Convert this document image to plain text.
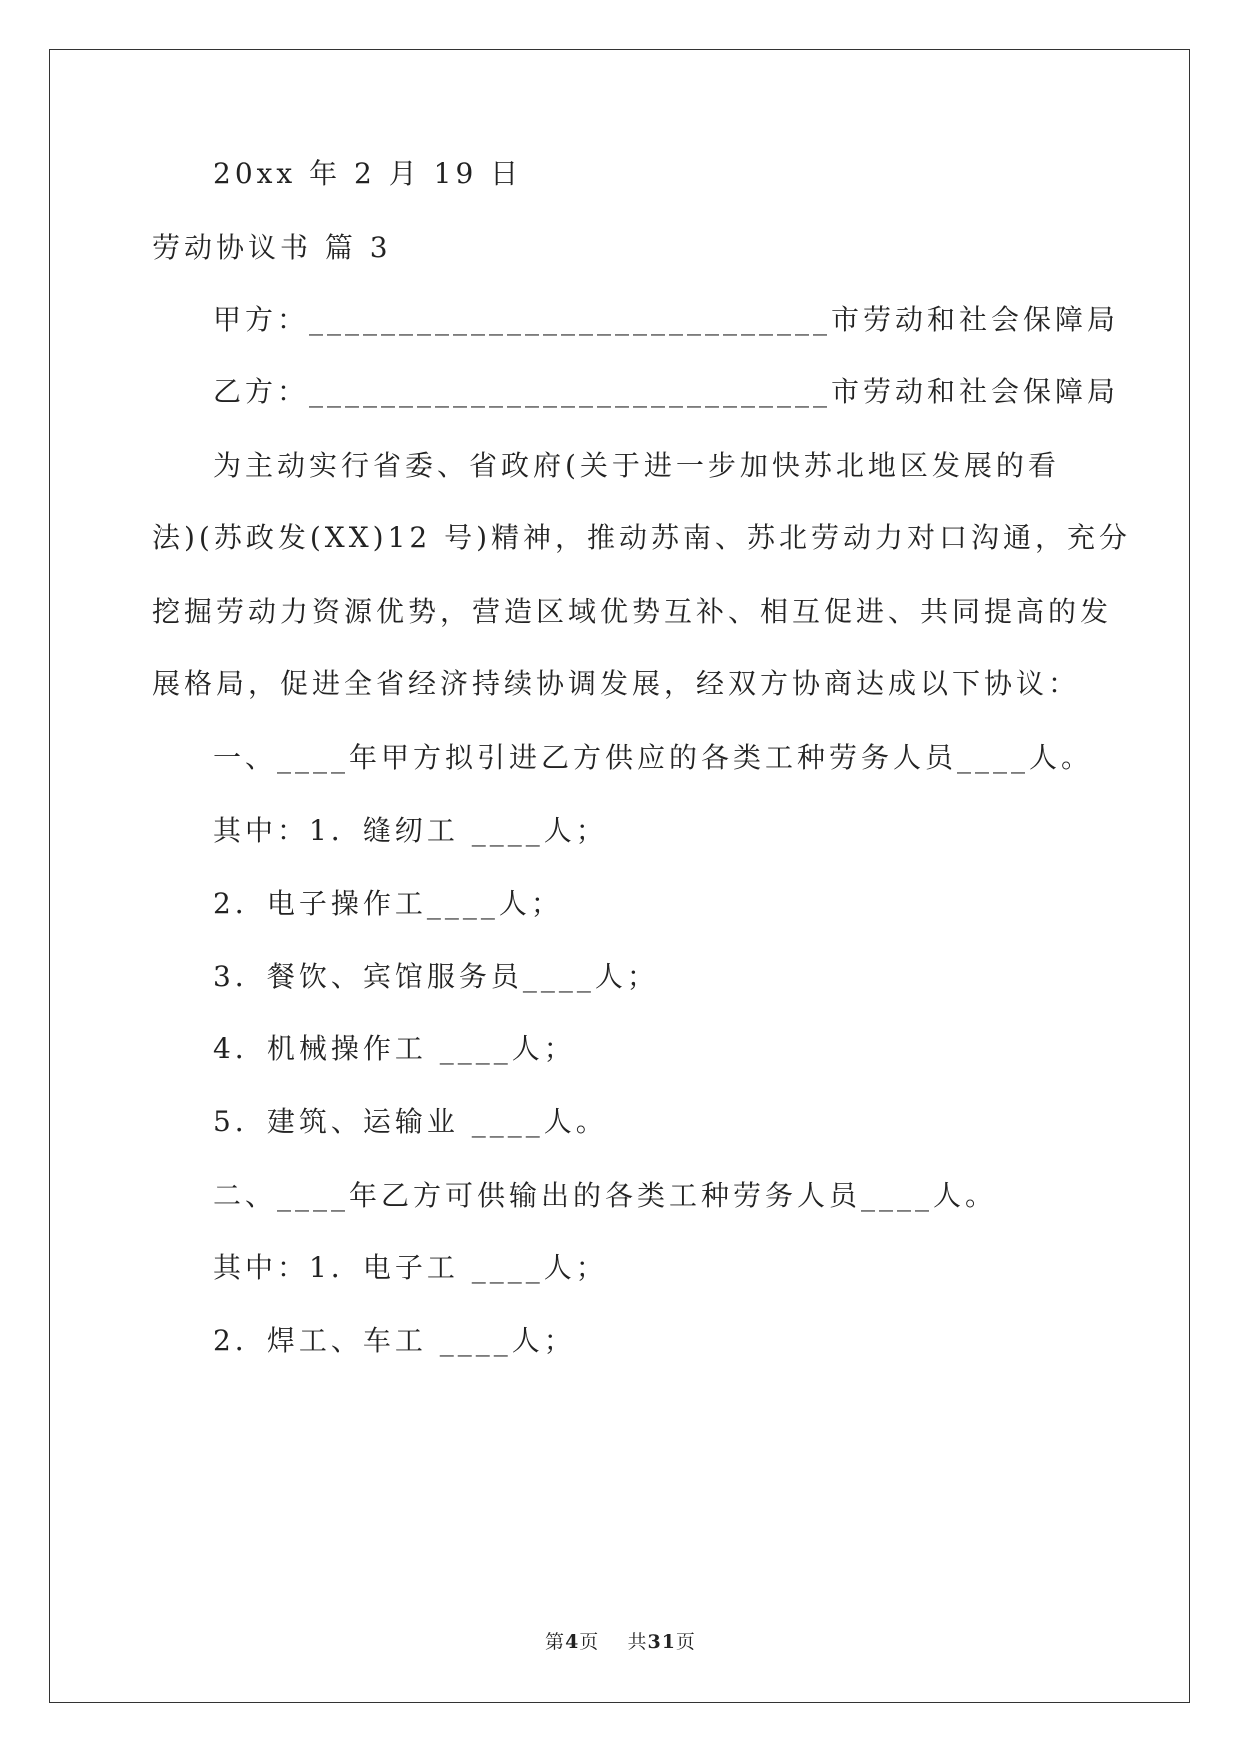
20xx 年 2 月 19 日
劳动协议书 篇 3
甲方：_____________________________市劳动和社会保障局
乙方：_____________________________市劳动和社会保障局
为主动实行省委、省政府(关于进一步加快苏北地区发展的看
法)(苏政发(XX)12 号)精神，推动苏南、苏北劳动力对口沟通，充分
挖掘劳动力资源优势，营造区域优势互补、相互促进、共同提高的发
展格局，促进全省经济持续协调发展，经双方协商达成以下协议：
一、____年甲方拟引进乙方供应的各类工种劳务人员____人。
其中：1．缝纫工 ____人；
2．电子操作工____人；
3．餐饮、宾馆服务员____人；
4．机械操作工 ____人；
5．建筑、运输业 ____人。
二、____年乙方可供输出的各类工种劳务人员____人。
其中：1．电子工 ____人；
2．焊工、车工 ____人；
第4页    共31页
